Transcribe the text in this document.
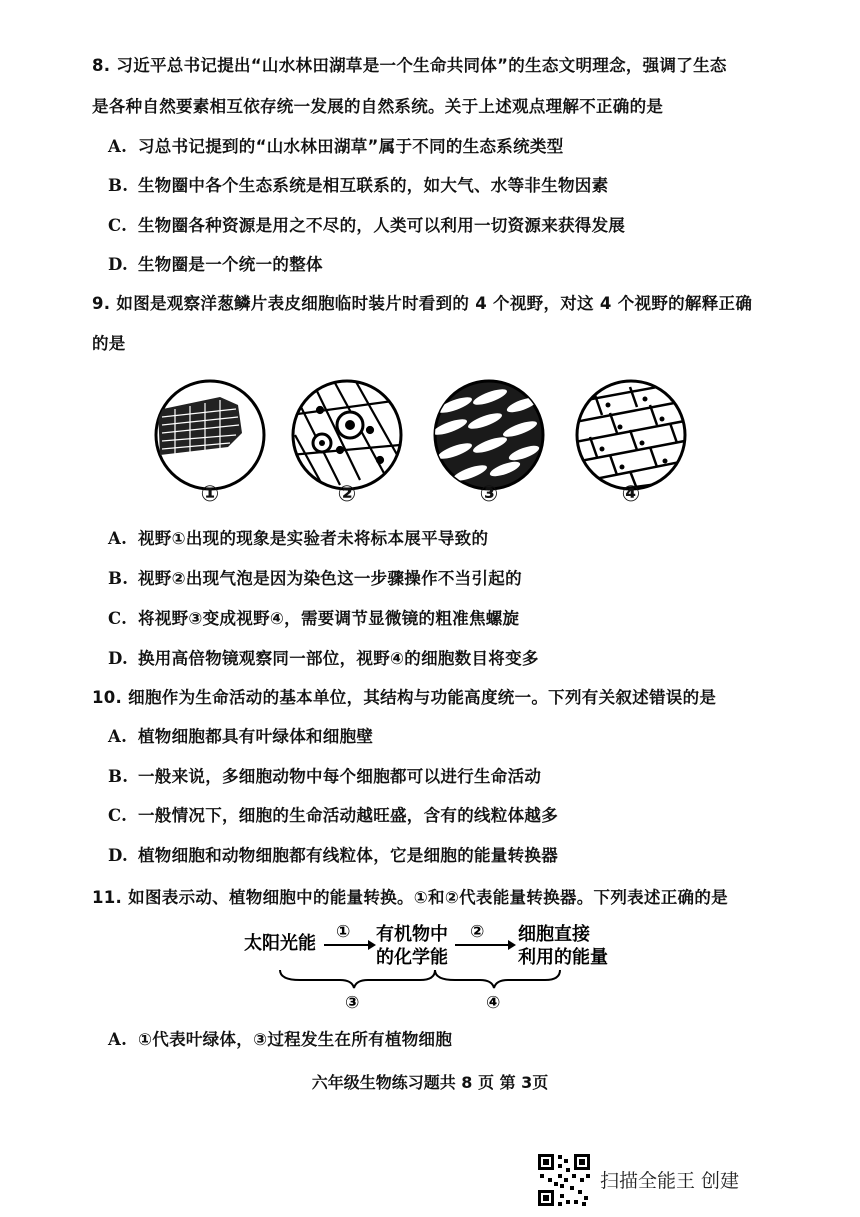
8. 习近平总书记提出“山水林田湖草是一个生命共同体”的生态文明理念，强调了生态
是各种自然要素相互依存统一发展的自然系统。关于上述观点理解不正确的是
A. 习总书记提到的“山水林田湖草”属于不同的生态系统类型
B. 生物圈中各个生态系统是相互联系的，如大气、水等非生物因素
C. 生物圈各种资源是用之不尽的，人类可以利用一切资源来获得发展
D. 生物圈是一个统一的整体
9. 如图是观察洋葱鳞片表皮细胞临时装片时看到的 4 个视野，对这 4 个视野的解释正确
的是
①	②	③	④
A. 视野①出现的现象是实验者未将标本展平导致的
B. 视野②出现气泡是因为染色这一步骤操作不当引起的
C. 将视野③变成视野④，需要调节显微镜的粗准焦螺旋
D. 换用高倍物镜观察同一部位，视野④的细胞数目将变多
10. 细胞作为生命活动的基本单位，其结构与功能高度统一。下列有关叙述错误的是
A. 植物细胞都具有叶绿体和细胞壁
B. 一般来说，多细胞动物中每个细胞都可以进行生命活动
C. 一般情况下，细胞的生命活动越旺盛，含有的线粒体越多
D. 植物细胞和动物细胞都有线粒体，它是细胞的能量转换器
11. 如图表示动、植物细胞中的能量转换。①和②代表能量转换器。下列表述正确的是
太阳光能	有机物中
的化学能
细胞直接
利用的能量
①	②
③	④
A. ①代表叶绿体，③过程发生在所有植物细胞
六年级生物练习题共 8 页 第 3页
扫描全能王 创建
